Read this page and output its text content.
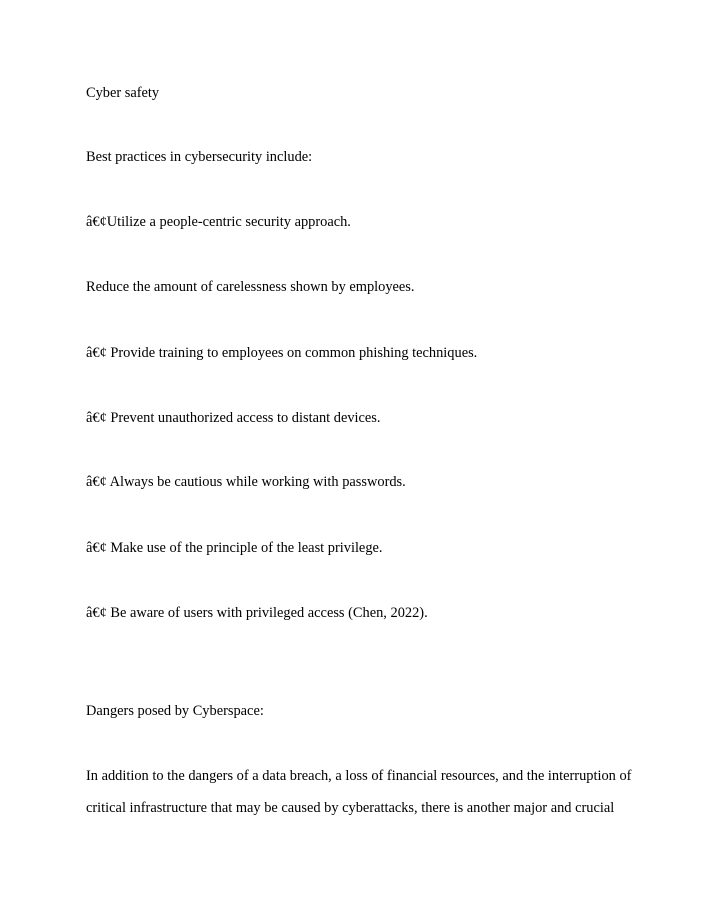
Cyber safety

Best practices in cybersecurity include:

â€¢Utilize a people-centric security approach.

Reduce the amount of carelessness shown by employees.

â€¢ Provide training to employees on common phishing techniques.

â€¢ Prevent unauthorized access to distant devices.

â€¢ Always be cautious while working with passwords.

â€¢ Make use of the principle of the least privilege.

â€¢ Be aware of users with privileged access (Chen, 2022).

Dangers posed by Cyberspace:

In addition to the dangers of a data breach, a loss of financial resources, and the interruption of

critical infrastructure that may be caused by cyberattacks, there is another major and crucial
